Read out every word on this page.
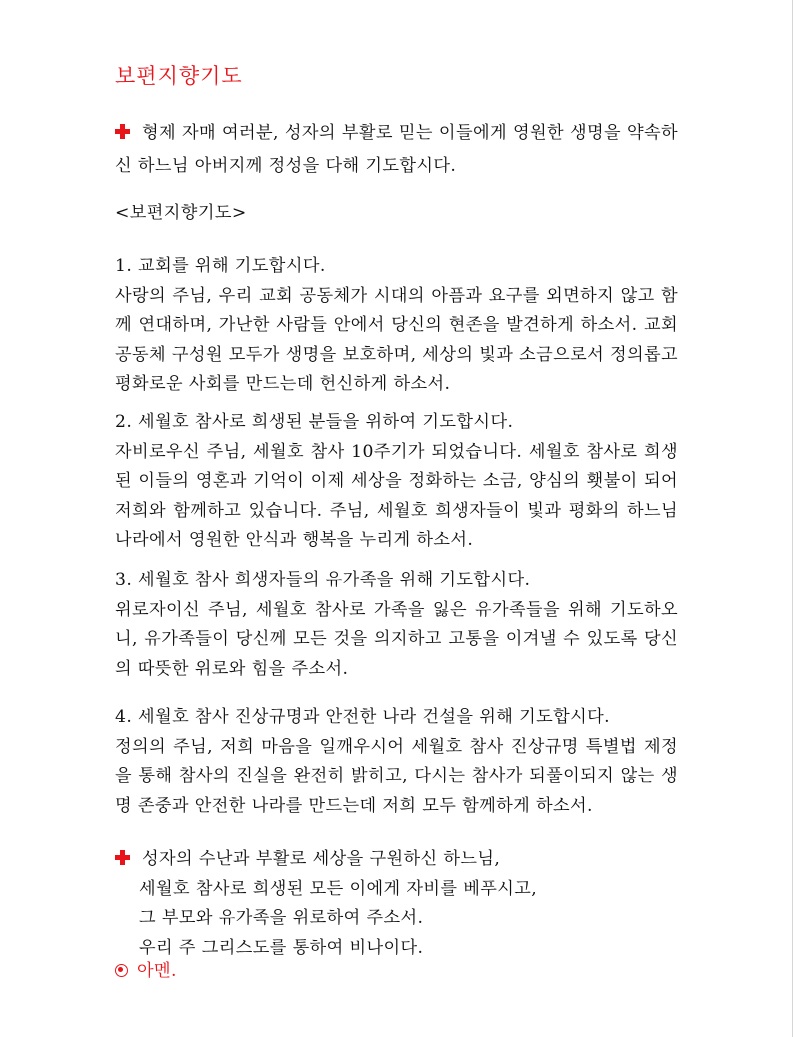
보편지향기도

형제 자매 여러분, 성자의 부활로 믿는 이들에게 영원한 생명을 약속하신 하느님 아버지께 정성을 다해 기도합시다.

<보편지향기도>

1. 교회를 위해 기도합시다.
사랑의 주님, 우리 교회 공동체가 시대의 아픔과 요구를 외면하지 않고 함께 연대하며, 가난한 사람들 안에서 당신의 현존을 발견하게 하소서. 교회 공동체 구성원 모두가 생명을 보호하며, 세상의 빛과 소금으로서 정의롭고 평화로운 사회를 만드는데 헌신하게 하소서.
2. 세월호 참사로 희생된 분들을 위하여 기도합시다.
자비로우신 주님, 세월호 참사 10주기가 되었습니다. 세월호 참사로 희생된 이들의 영혼과 기억이 이제 세상을 정화하는 소금, 양심의 횃불이 되어 저희와 함께하고 있습니다. 주님, 세월호 희생자들이 빛과 평화의 하느님 나라에서 영원한 안식과 행복을 누리게 하소서.
3. 세월호 참사 희생자들의 유가족을 위해 기도합시다.
위로자이신 주님, 세월호 참사로 가족을 잃은 유가족들을 위해 기도하오니, 유가족들이 당신께 모든 것을 의지하고 고통을 이겨낼 수 있도록 당신의 따뜻한 위로와 힘을 주소서.
4. 세월호 참사 진상규명과 안전한 나라 건설을 위해 기도합시다.
정의의 주님, 저희 마음을 일깨우시어 세월호 참사 진상규명 특별법 제정을 통해 참사의 진실을 완전히 밝히고, 다시는 참사가 되풀이되지 않는 생명 존중과 안전한 나라를 만드는데 저희 모두 함께하게 하소서.
성자의 수난과 부활로 세상을 구원하신 하느님,
세월호 참사로 희생된 모든 이에게 자비를 베푸시고,
그 부모와 유가족을 위로하여 주소서.
우리 주 그리스도를 통하여 비나이다.
아멘.
